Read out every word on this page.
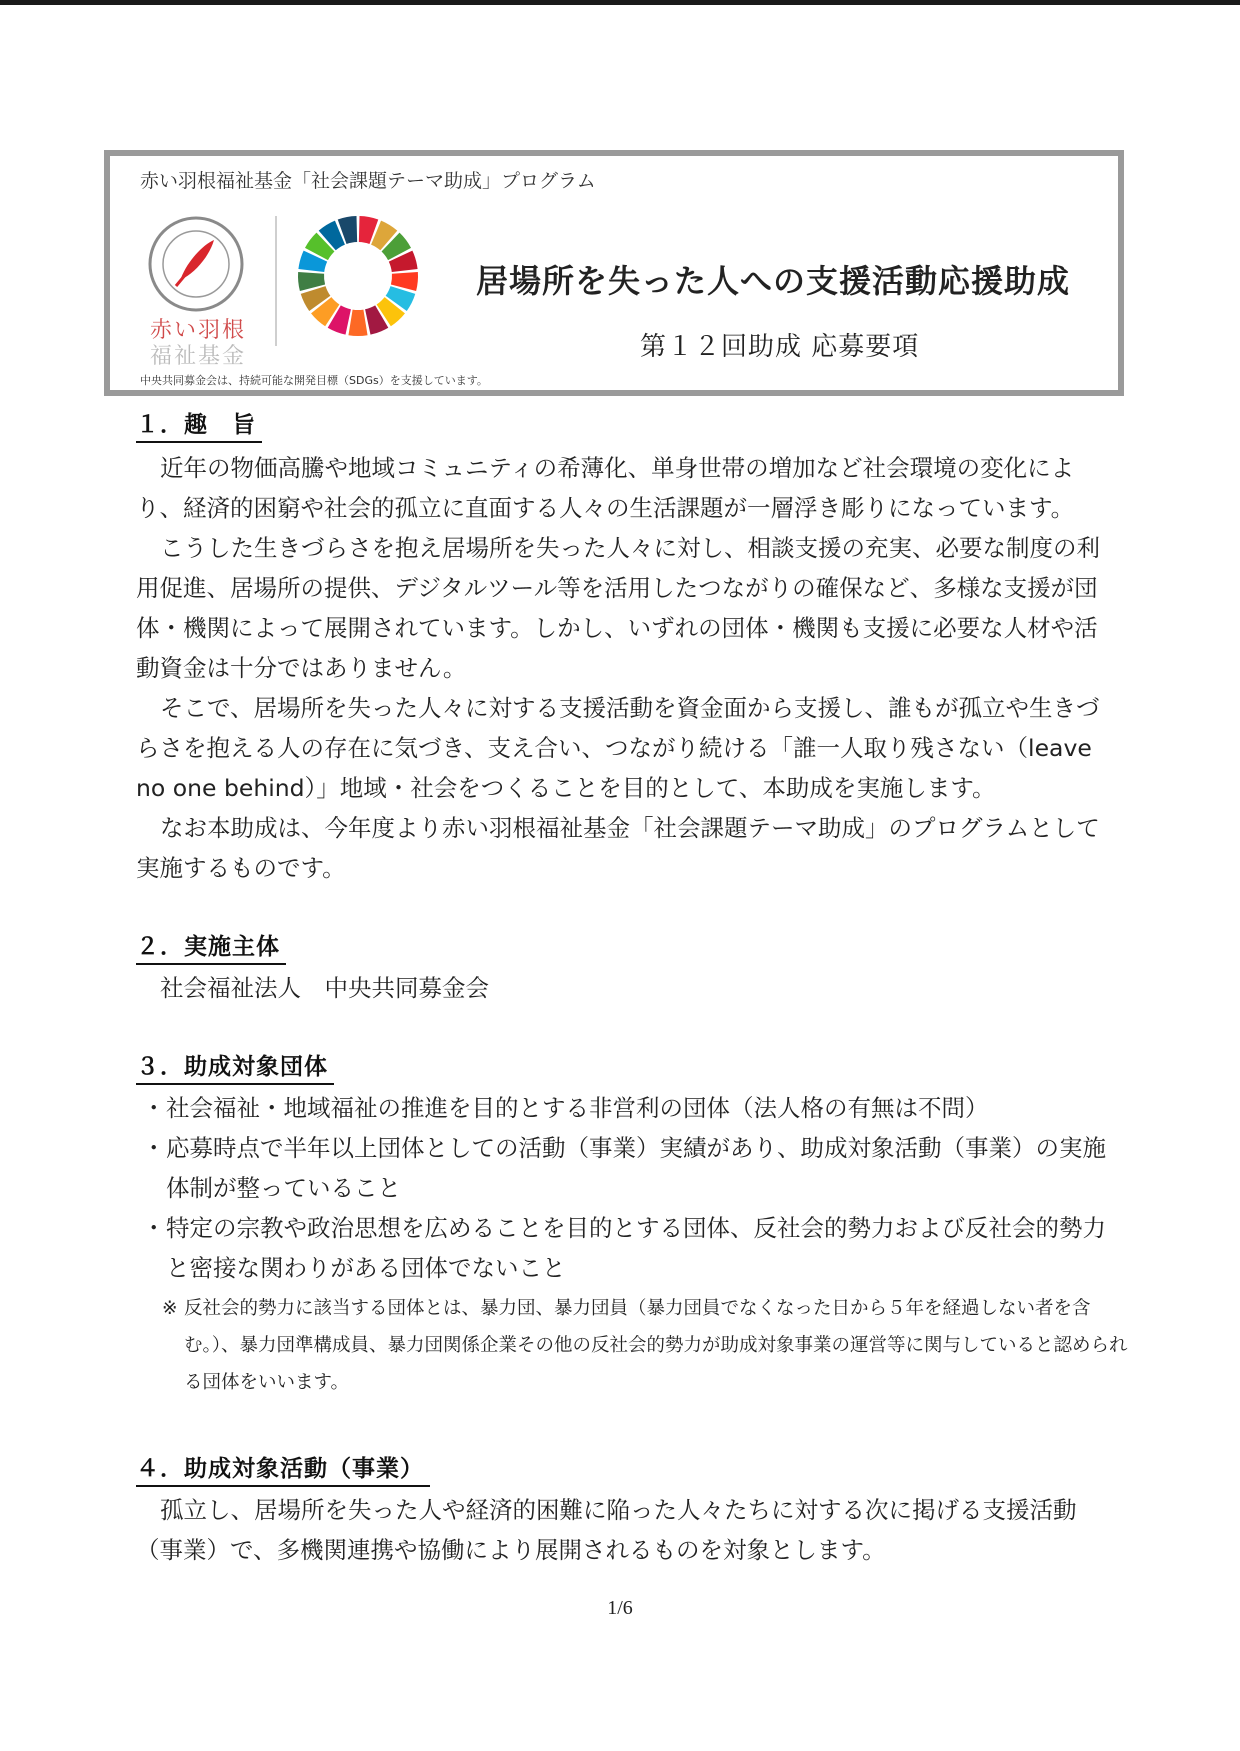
赤い羽根福祉基金「社会課題テーマ助成」プログラム
赤い羽根
福祉基金
居場所を失った人への支援活動応援助成
第１２回助成 応募要項
中央共同募金会は、持続可能な開発目標（SDGs）を支援しています。
１．趣　旨
近年の物価高騰や地域コミュニティの希薄化、単身世帯の増加など社会環境の変化により、経済的困窮や社会的孤立に直面する人々の生活課題が一層浮き彫りになっています。
こうした生きづらさを抱え居場所を失った人々に対し、相談支援の充実、必要な制度の利用促進、居場所の提供、デジタルツール等を活用したつながりの確保など、多様な支援が団体・機関によって展開されています。しかし、いずれの団体・機関も支援に必要な人材や活動資金は十分ではありません。
そこで、居場所を失った人々に対する支援活動を資金面から支援し、誰もが孤立や生きづらさを抱える人の存在に気づき、支え合い、つながり続ける「誰一人取り残さない（leave no one behind）」地域・社会をつくることを目的として、本助成を実施します。
なお本助成は、今年度より赤い羽根福祉基金「社会課題テーマ助成」のプログラムとして実施するものです。
２．実施主体
社会福祉法人　中央共同募金会
３．助成対象団体
・ 社会福祉・地域福祉の推進を目的とする非営利の団体（法人格の有無は不問）
・ 応募時点で半年以上団体としての活動（事業）実績があり、助成対象活動（事業）の実施体制が整っていること
・ 特定の宗教や政治思想を広めることを目的とする団体、反社会的勢力および反社会的勢力と密接な関わりがある団体でないこと
※ 反社会的勢力に該当する団体とは、暴力団、暴力団員（暴力団員でなくなった日から５年を経過しない者を含む。）、暴力団準構成員、暴力団関係企業その他の反社会的勢力が助成対象事業の運営等に関与していると認められる団体をいいます。
４．助成対象活動（事業）
孤立し、居場所を失った人や経済的困難に陥った人々たちに対する次に掲げる支援活動（事業）で、多機関連携や協働により展開されるものを対象とします。
1/6
